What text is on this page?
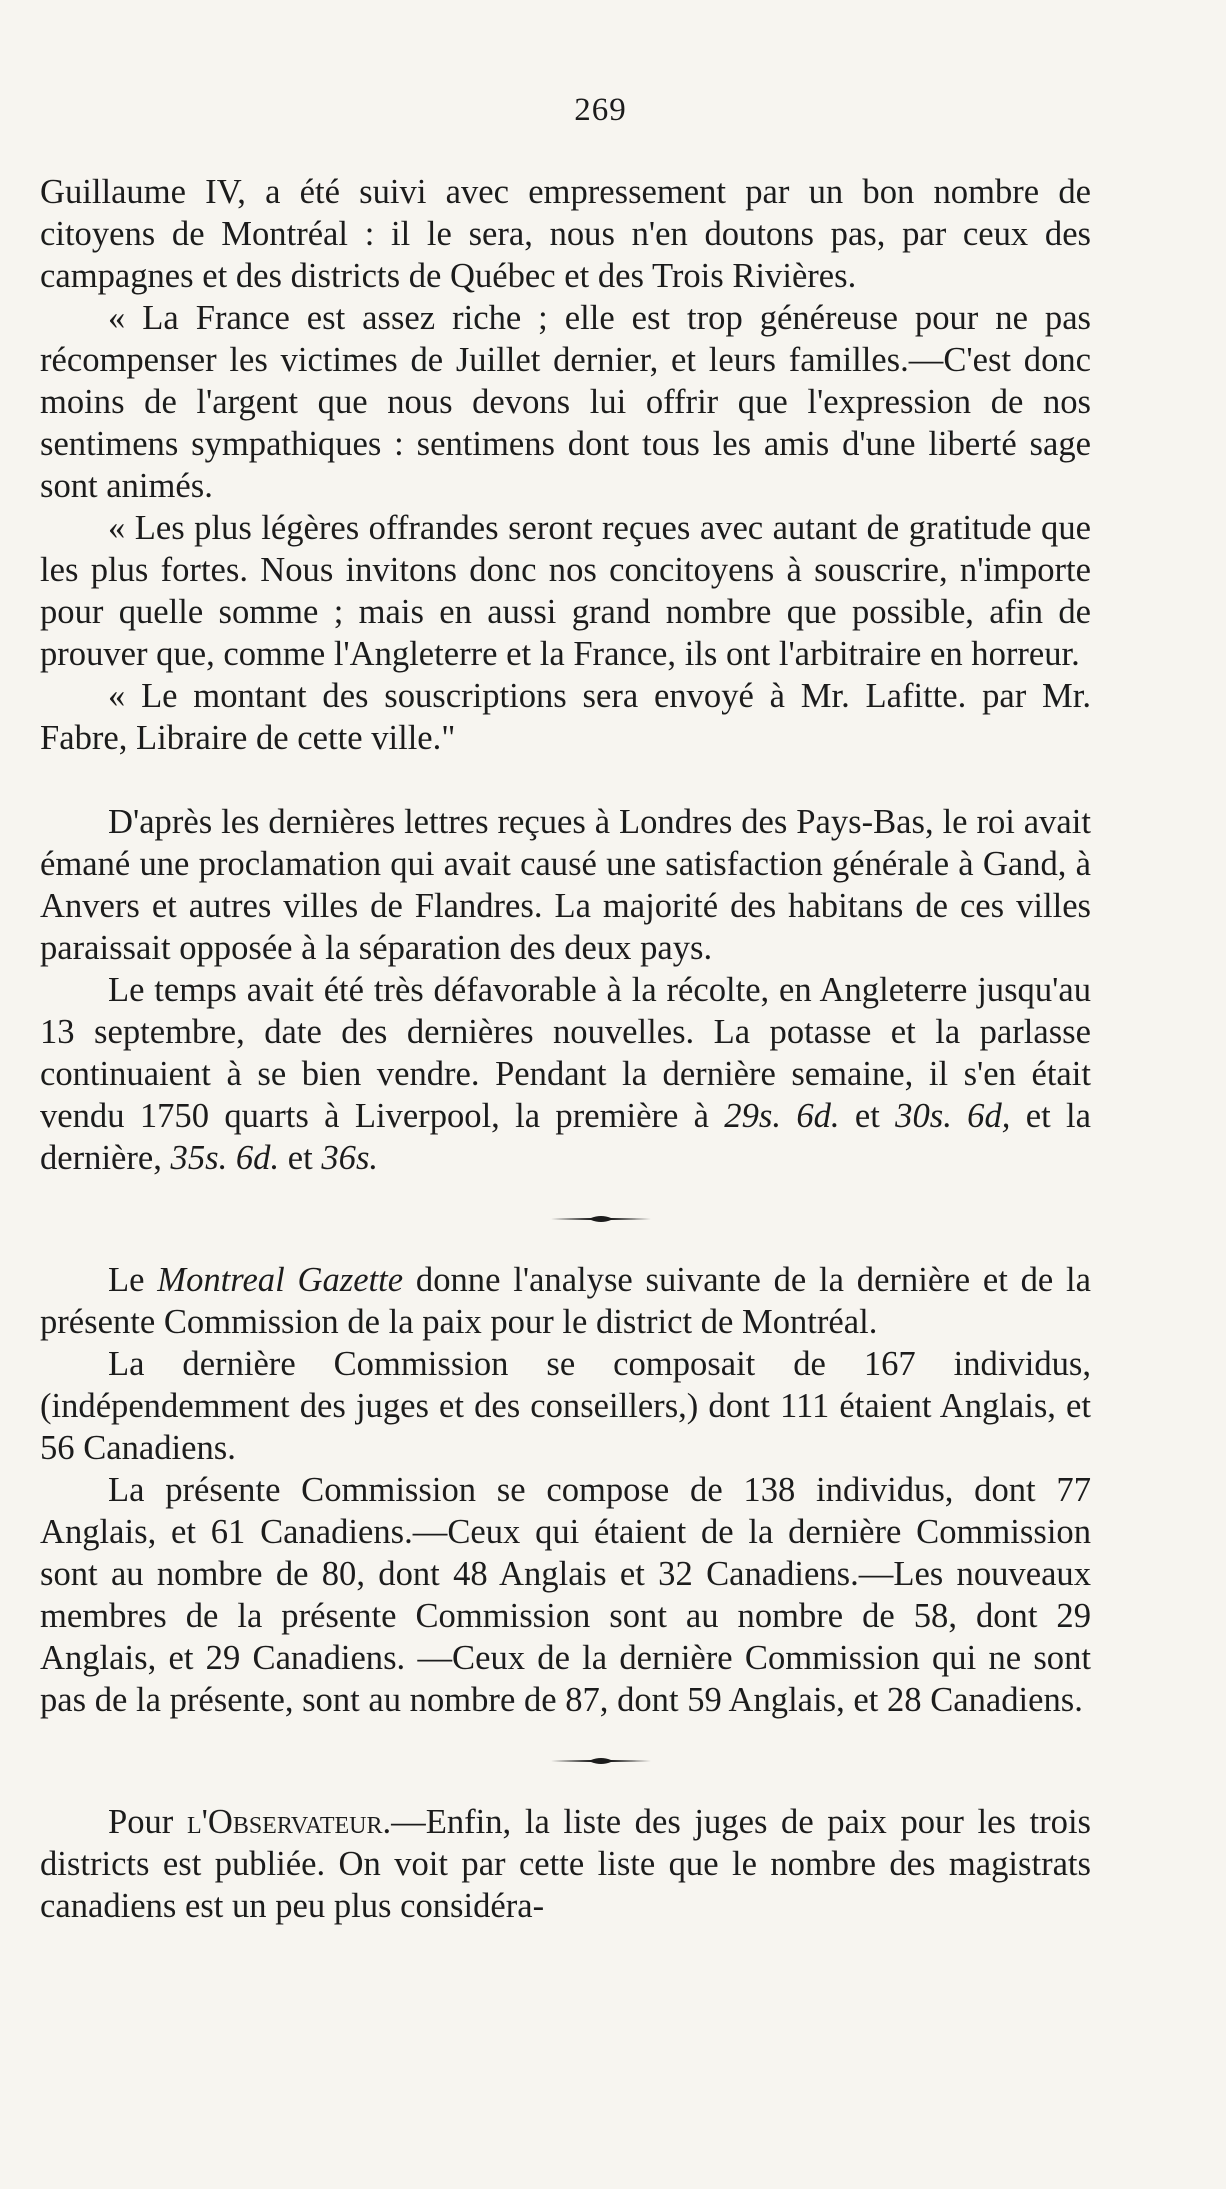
269

Guillaume IV, a été suivi avec empressement par un bon nombre de citoyens de Montréal : il le sera, nous n'en doutons pas, par ceux des campagnes et des districts de Québec et des Trois Rivières.

« La France est assez riche ; elle est trop généreuse pour ne pas récompenser les victimes de Juillet dernier, et leurs familles.—C'est donc moins de l'argent que nous devons lui offrir que l'expression de nos sentimens sympathiques : sentimens dont tous les amis d'une liberté sage sont animés.

« Les plus légères offrandes seront reçues avec autant de gratitude que les plus fortes. Nous invitons donc nos concitoyens à souscrire, n'importe pour quelle somme ; mais en aussi grand nombre que possible, afin de prouver que, comme l'Angleterre et la France, ils ont l'arbitraire en horreur.

« Le montant des souscriptions sera envoyé à Mr. Lafitte. par Mr. Fabre, Libraire de cette ville."

D'après les dernières lettres reçues à Londres des Pays-Bas, le roi avait émané une proclamation qui avait causé une satisfaction générale à Gand, à Anvers et autres villes de Flandres. La majorité des habitans de ces villes paraissait opposée à la séparation des deux pays.

Le temps avait été très défavorable à la récolte, en Angleterre jusqu'au 13 septembre, date des dernières nouvelles. La potasse et la parlasse continuaient à se bien vendre. Pendant la dernière semaine, il s'en était vendu 1750 quarts à Liverpool, la première à 29s. 6d. et 30s. 6d, et la dernière, 35s. 6d. et 36s.

Le Montreal Gazette donne l'analyse suivante de la dernière et de la présente Commission de la paix pour le district de Montréal.

La dernière Commission se composait de 167 individus, (indépendemment des juges et des conseillers,) dont 111 étaient Anglais, et 56 Canadiens.

La présente Commission se compose de 138 individus, dont 77 Anglais, et 61 Canadiens.—Ceux qui étaient de la dernière Commission sont au nombre de 80, dont 48 Anglais et 32 Canadiens.—Les nouveaux membres de la présente Commission sont au nombre de 58, dont 29 Anglais, et 29 Canadiens. —Ceux de la dernière Commission qui ne sont pas de la présente, sont au nombre de 87, dont 59 Anglais, et 28 Canadiens.

Pour l'Observateur.—Enfin, la liste des juges de paix pour les trois districts est publiée. On voit par cette liste que le nombre des magistrats canadiens est un peu plus considéra-
